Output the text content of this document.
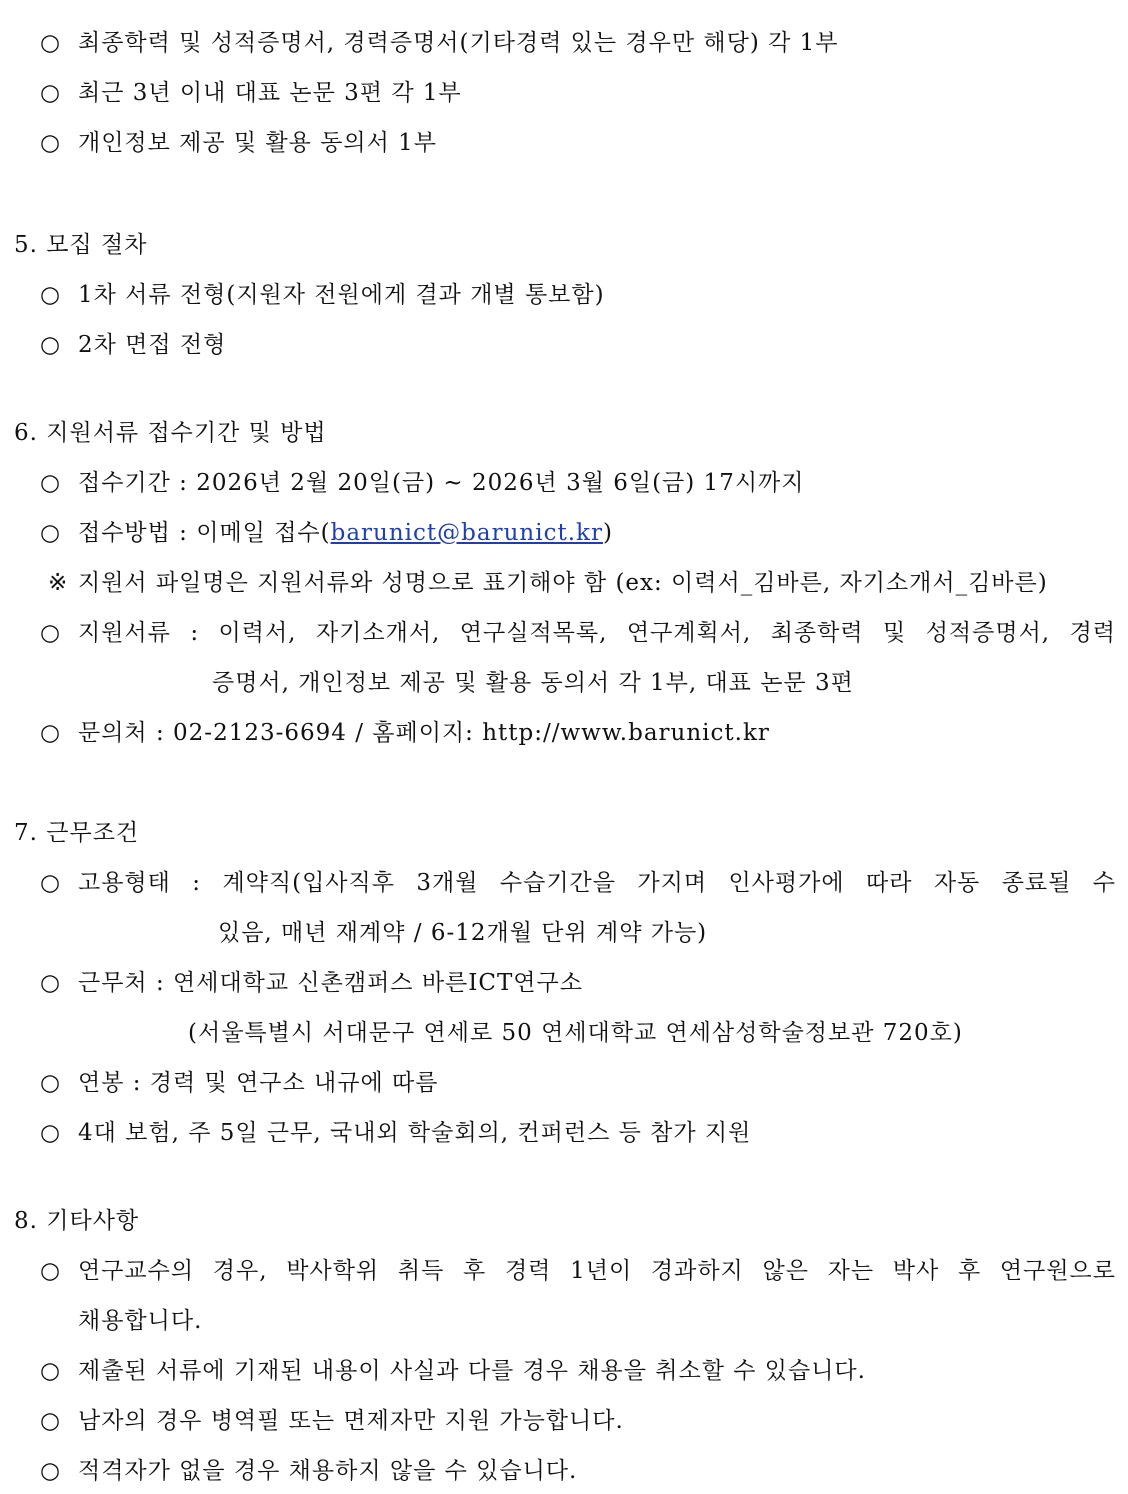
○ 최종학력 및 성적증명서, 경력증명서(기타경력 있는 경우만 해당) 각 1부
○ 최근 3년 이내 대표 논문 3편 각 1부
○ 개인정보 제공 및 활용 동의서 1부
5. 모집 절차
○ 1차 서류 전형(지원자 전원에게 결과 개별 통보함)
○ 2차 면접 전형
6. 지원서류 접수기간 및 방법
○ 접수기간 : 2026년 2월 20일(금) ~ 2026년 3월 6일(금) 17시까지
○ 접수방법 : 이메일 접수(barunict@barunict.kr)
※ 지원서 파일명은 지원서류와 성명으로 표기해야 함 (ex: 이력서_김바른, 자기소개서_김바른)
○ 지원서류 : 이력서, 자기소개서, 연구실적목록, 연구계획서, 최종학력 및 성적증명서, 경력
증명서, 개인정보 제공 및 활용 동의서 각 1부, 대표 논문 3편
○ 문의처 : 02-2123-6694 / 홈페이지: http://www.barunict.kr
7. 근무조건
○ 고용형태 : 계약직(입사직후 3개월 수습기간을 가지며 인사평가에 따라 자동 종료될 수
있음, 매년 재계약 / 6-12개월 단위 계약 가능)
○ 근무처 : 연세대학교 신촌캠퍼스 바른ICT연구소
(서울특별시 서대문구 연세로 50 연세대학교 연세삼성학술정보관 720호)
○ 연봉 : 경력 및 연구소 내규에 따름
○ 4대 보험, 주 5일 근무, 국내외 학술회의, 컨퍼런스 등 참가 지원
8. 기타사항
○ 연구교수의 경우, 박사학위 취득 후 경력 1년이 경과하지 않은 자는 박사 후 연구원으로
채용합니다.
○ 제출된 서류에 기재된 내용이 사실과 다를 경우 채용을 취소할 수 있습니다.
○ 남자의 경우 병역필 또는 면제자만 지원 가능합니다.
○ 적격자가 없을 경우 채용하지 않을 수 있습니다.
